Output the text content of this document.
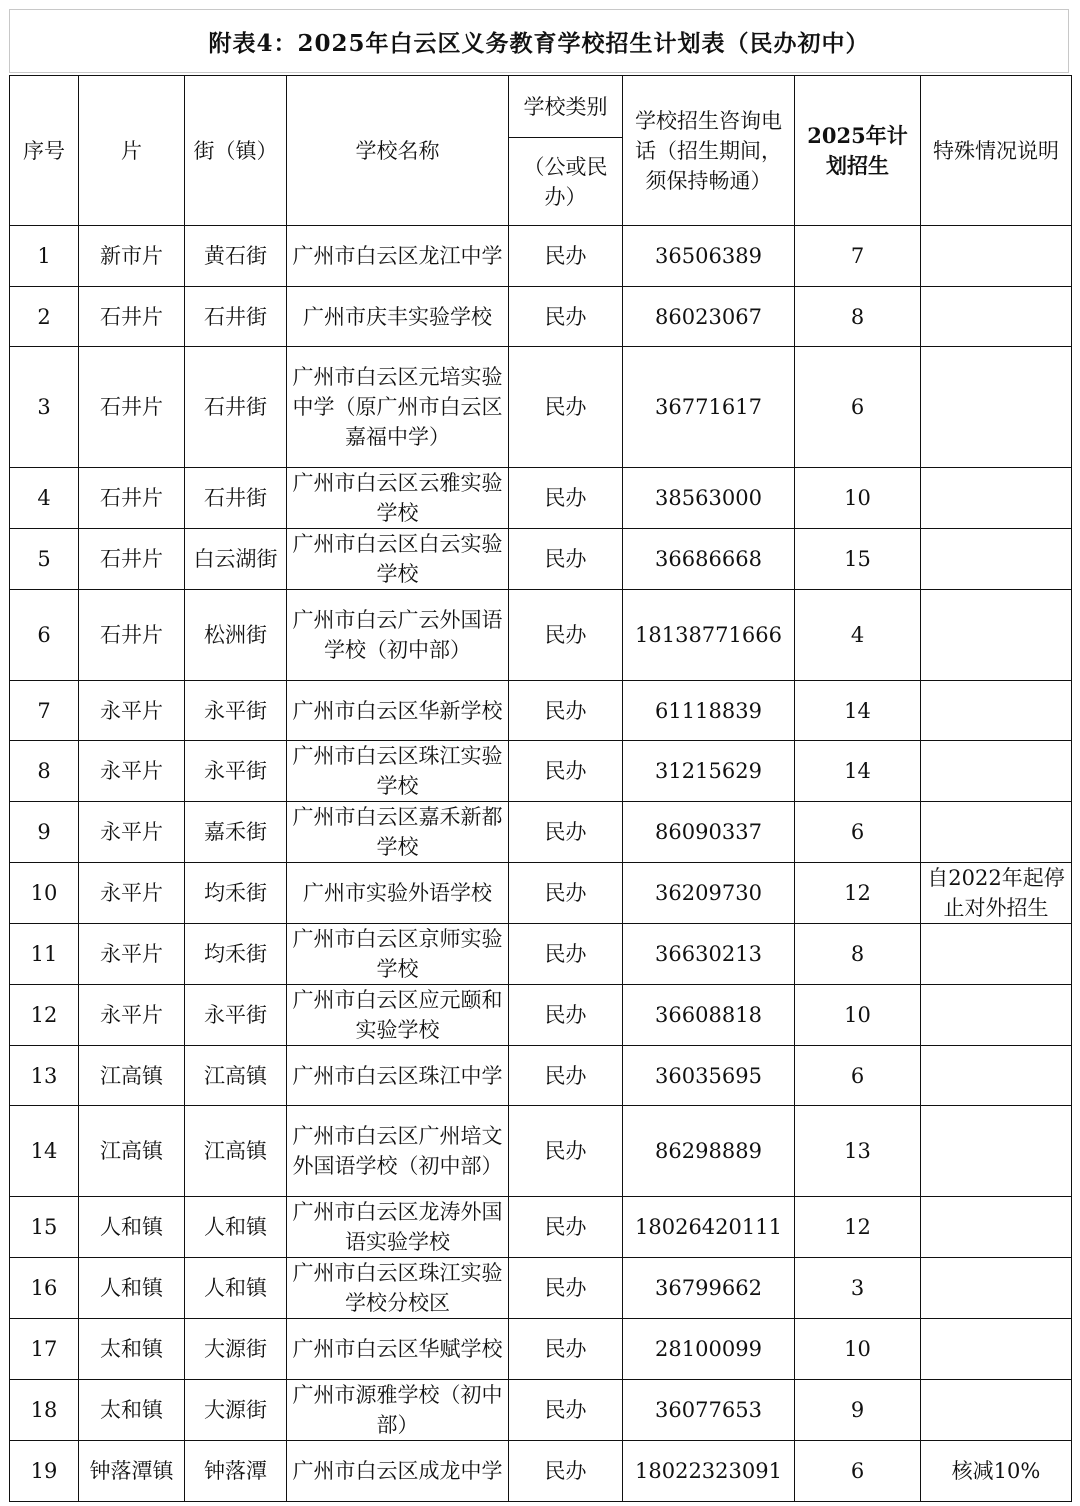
附表4：2025年白云区义务教育学校招生计划表（民办初中）
序号	片	街（镇）	学校名称	学校类别	学校招生咨询电话（招生期间，须保持畅通）	2025年计划招生	特殊情况说明
				（公或民办）			
1	新市片	黄石街	广州市白云区龙江中学	民办	36506389	7	
2	石井片	石井街	广州市庆丰实验学校	民办	86023067	8	
3	石井片	石井街	广州市白云区元培实验中学（原广州市白云区嘉福中学）	民办	36771617	6	
4	石井片	石井街	广州市白云区云雅实验学校	民办	38563000	10	
5	石井片	白云湖街	广州市白云区白云实验学校	民办	36686668	15	
6	石井片	松洲街	广州市白云广云外国语学校（初中部）	民办	18138771666	4	
7	永平片	永平街	广州市白云区华新学校	民办	61118839	14	
8	永平片	永平街	广州市白云区珠江实验学校	民办	31215629	14	
9	永平片	嘉禾街	广州市白云区嘉禾新都学校	民办	86090337	6	
10	永平片	均禾街	广州市实验外语学校	民办	36209730	12	自2022年起停止对外招生
11	永平片	均禾街	广州市白云区京师实验学校	民办	36630213	8	
12	永平片	永平街	广州市白云区应元颐和实验学校	民办	36608818	10	
13	江高镇	江高镇	广州市白云区珠江中学	民办	36035695	6	
14	江高镇	江高镇	广州市白云区广州培文外国语学校（初中部）	民办	86298889	13	
15	人和镇	人和镇	广州市白云区龙涛外国语实验学校	民办	18026420111	12	
16	人和镇	人和镇	广州市白云区珠江实验学校分校区	民办	36799662	3	
17	太和镇	大源街	广州市白云区华赋学校	民办	28100099	10	
18	太和镇	大源街	广州市源雅学校（初中部）	民办	36077653	9	
19	钟落潭镇	钟落潭	广州市白云区成龙中学	民办	18022323091	6	核减10%
